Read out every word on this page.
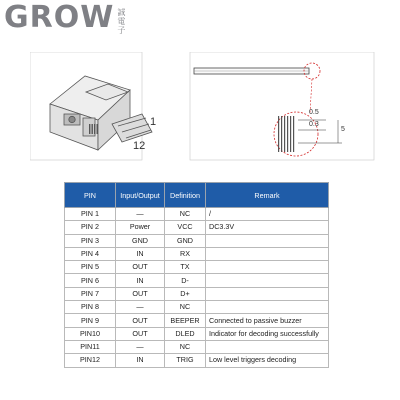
GROW 誠電子
1
12
0.5
0.3
5
PIN	Input/Output	Definition	Remark
PIN 1	—	NC	/
PIN 2	Power	VCC	DC3.3V
PIN 3	GND	GND	
PIN 4	IN	RX	
PIN 5	OUT	TX	
PIN 6	IN	D-	
PIN 7	OUT	D+	
PIN 8	—	NC	
PIN 9	OUT	BEEPER	Connected to passive buzzer
PIN10	OUT	DLED	Indicator for decoding successfully
PIN11	—	NC	
PIN12	IN	TRIG	Low level triggers decoding
